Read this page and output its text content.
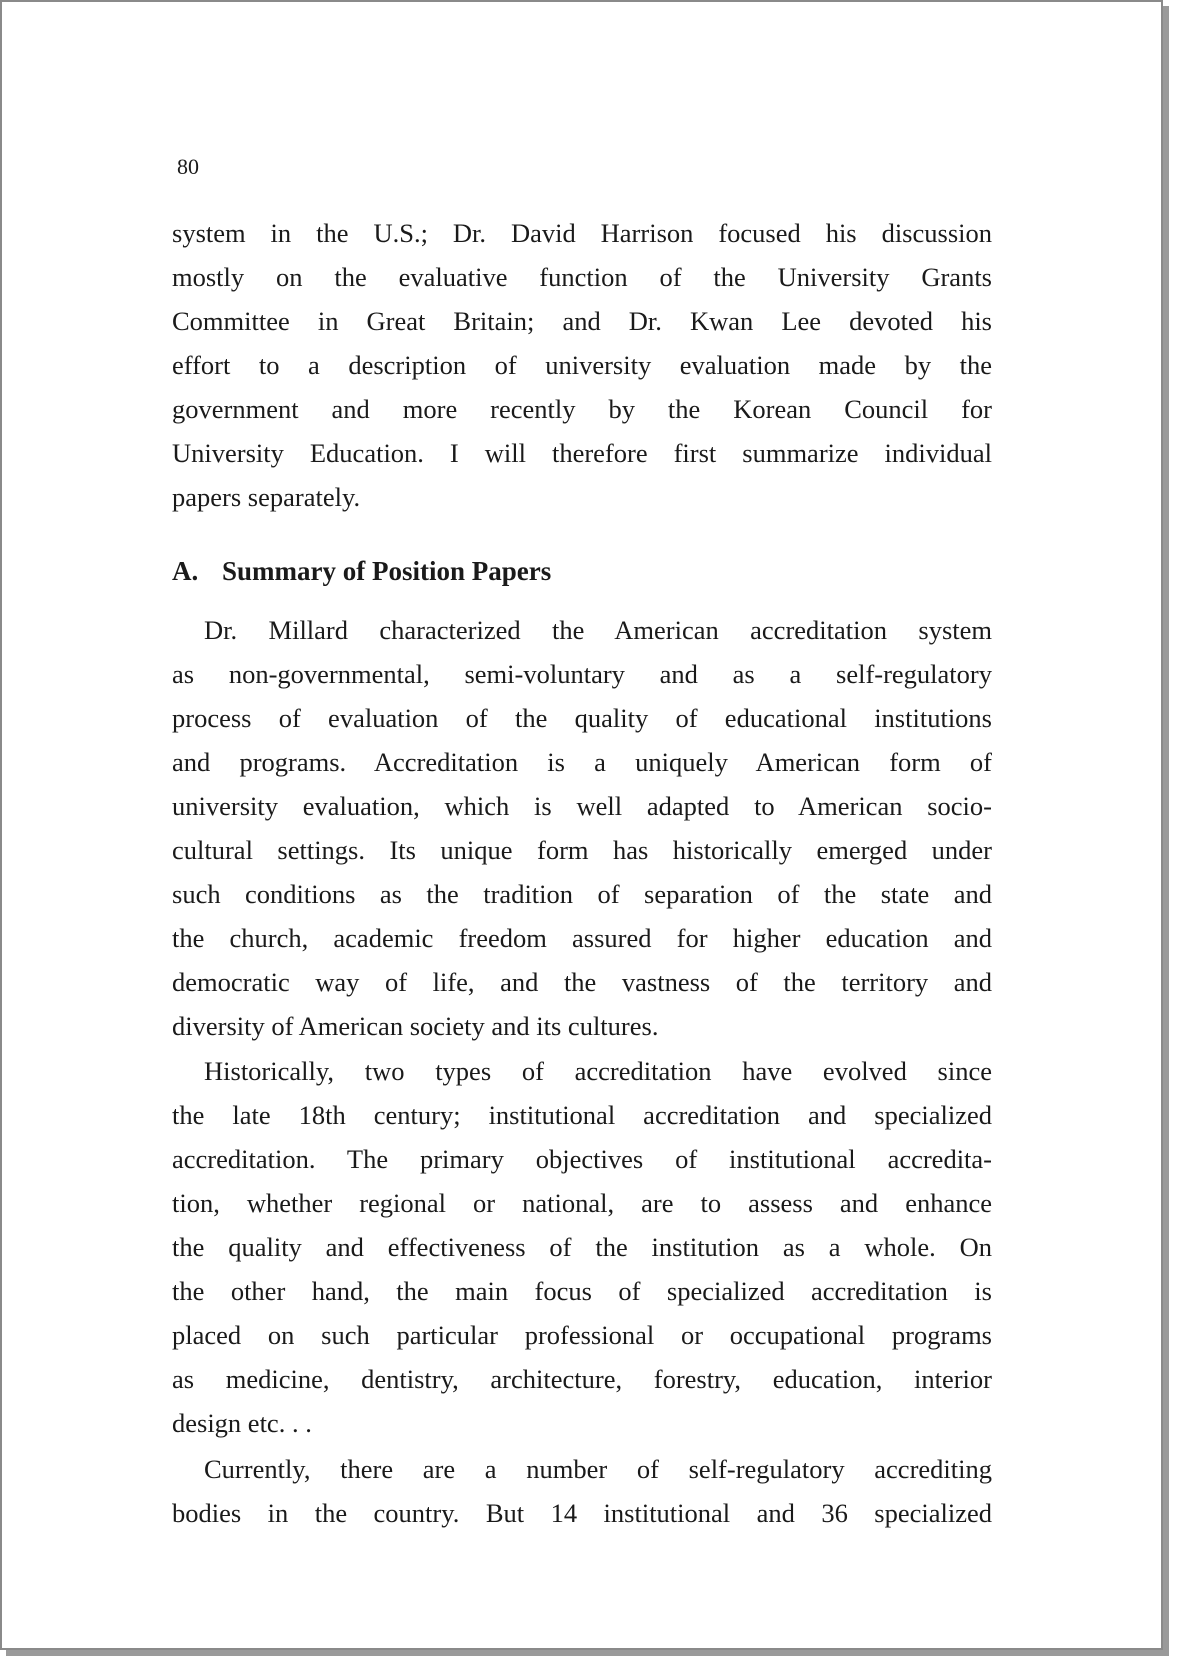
80
system in the U.S.; Dr. David Harrison focused his discussion
mostly on the evaluative function of the University Grants
Committee in Great Britain; and Dr. Kwan Lee devoted his
effort to a description of university evaluation made by the
government and more recently by the Korean Council for
University Education. I will therefore first summarize individual
papers separately.
A. Summary of Position Papers
Dr. Millard characterized the American accreditation system
as non-governmental, semi-voluntary and as a self-regulatory
process of evaluation of the quality of educational institutions
and programs. Accreditation is a uniquely American form of
university evaluation, which is well adapted to American socio-
cultural settings. Its unique form has historically emerged under
such conditions as the tradition of separation of the state and
the church, academic freedom assured for higher education and
democratic way of life, and the vastness of the territory and
diversity of American society and its cultures.
Historically, two types of accreditation have evolved since
the late 18th century; institutional accreditation and specialized
accreditation. The primary objectives of institutional accredita-
tion, whether regional or national, are to assess and enhance
the quality and effectiveness of the institution as a whole. On
the other hand, the main focus of specialized accreditation is
placed on such particular professional or occupational programs
as medicine, dentistry, architecture, forestry, education, interior
design etc. . .
Currently, there are a number of self-regulatory accrediting
bodies in the country. But 14 institutional and 36 specialized
